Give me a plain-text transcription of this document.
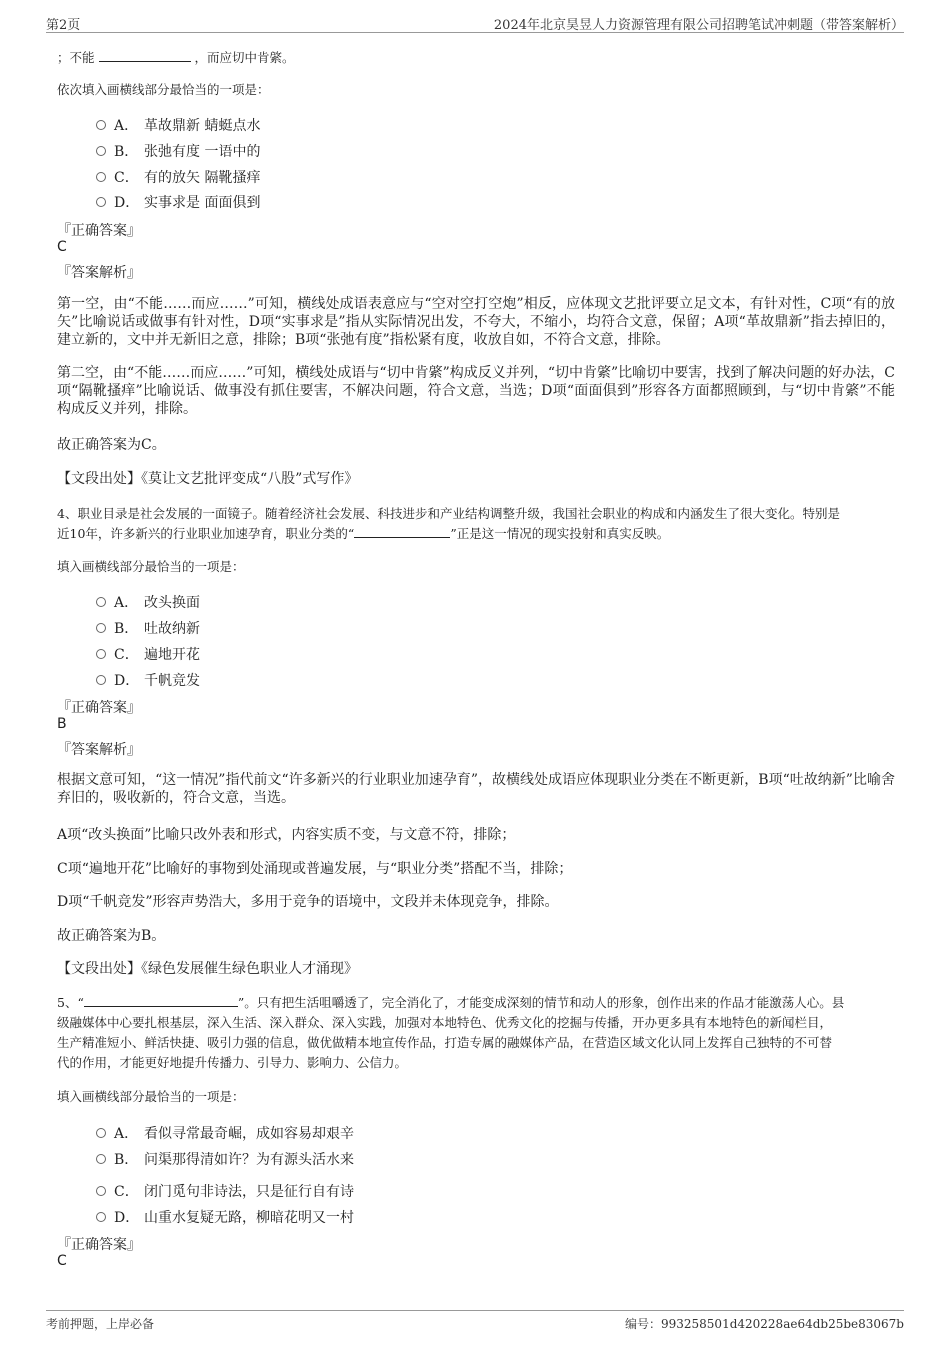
第2页	2024年北京昊昱人力资源管理有限公司招聘笔试冲刺题（带答案解析）
；不能	，而应切中肯綮。
依次填入画横线部分最恰当的一项是：
A． 革故鼎新 蜻蜓点水
B． 张弛有度 一语中的
C． 有的放矢 隔靴搔痒
D． 实事求是 面面俱到
『正确答案』
C
『答案解析』
第一空，由“不能……而应……”可知，横线处成语表意应与“空对空打空炮”相反，应体现文艺批评要立足文本，有针对性，C项“有的放矢”比喻说话或做事有针对性，D项“实事求是”指从实际情况出发，不夸大，不缩小，均符合文意，保留；A项“革故鼎新”指去掉旧的，建立新的，文中并无新旧之意，排除；B项“张弛有度”指松紧有度，收放自如，不符合文意，排除。
第二空，由“不能……而应……”可知，横线处成语与“切中肯綮”构成反义并列，“切中肯綮”比喻切中要害，找到了解决问题的好办法，C项“隔靴搔痒”比喻说话、做事没有抓住要害，不解决问题，符合文意，当选；D项“面面俱到”形容各方面都照顾到，与“切中肯綮”不能构成反义并列，排除。
故正确答案为C。
【文段出处】《莫让文艺批评变成“八股”式写作》
4、职业目录是社会发展的一面镜子。随着经济社会发展、科技进步和产业结构调整升级，我国社会职业的构成和内涵发生了很大变化。特别是
近10年，许多新兴的行业职业加速孕育，职业分类的“	”正是这一情况的现实投射和真实反映。
填入画横线部分最恰当的一项是：
A． 改头换面
B． 吐故纳新
C． 遍地开花
D． 千帆竞发
『正确答案』
B
『答案解析』
根据文意可知，“这一情况”指代前文“许多新兴的行业职业加速孕育”，故横线处成语应体现职业分类在不断更新，B项“吐故纳新”比喻舍弃旧的，吸收新的，符合文意，当选。
A项“改头换面”比喻只改外表和形式，内容实质不变，与文意不符，排除；
C项“遍地开花”比喻好的事物到处涌现或普遍发展，与“职业分类”搭配不当，排除；
D项“千帆竞发”形容声势浩大，多用于竞争的语境中，文段并未体现竞争，排除。
故正确答案为B。
【文段出处】《绿色发展催生绿色职业人才涌现》
5、“	”。只有把生活咀嚼透了，完全消化了，才能变成深刻的情节和动人的形象，创作出来的作品才能激荡人心。县
级融媒体中心要扎根基层，深入生活、深入群众、深入实践，加强对本地特色、优秀文化的挖掘与传播，开办更多具有本地特色的新闻栏目，
生产精准短小、鲜活快捷、吸引力强的信息，做优做精本地宣传作品，打造专属的融媒体产品，在营造区域文化认同上发挥自己独特的不可替
代的作用，才能更好地提升传播力、引导力、影响力、公信力。
填入画横线部分最恰当的一项是：
A． 看似寻常最奇崛，成如容易却艰辛
B． 问渠那得清如许？为有源头活水来
C． 闭门觅句非诗法，只是征行自有诗
D． 山重水复疑无路，柳暗花明又一村
『正确答案』
C
考前押题，上岸必备	编号：993258501d420228ae64db25be83067b
